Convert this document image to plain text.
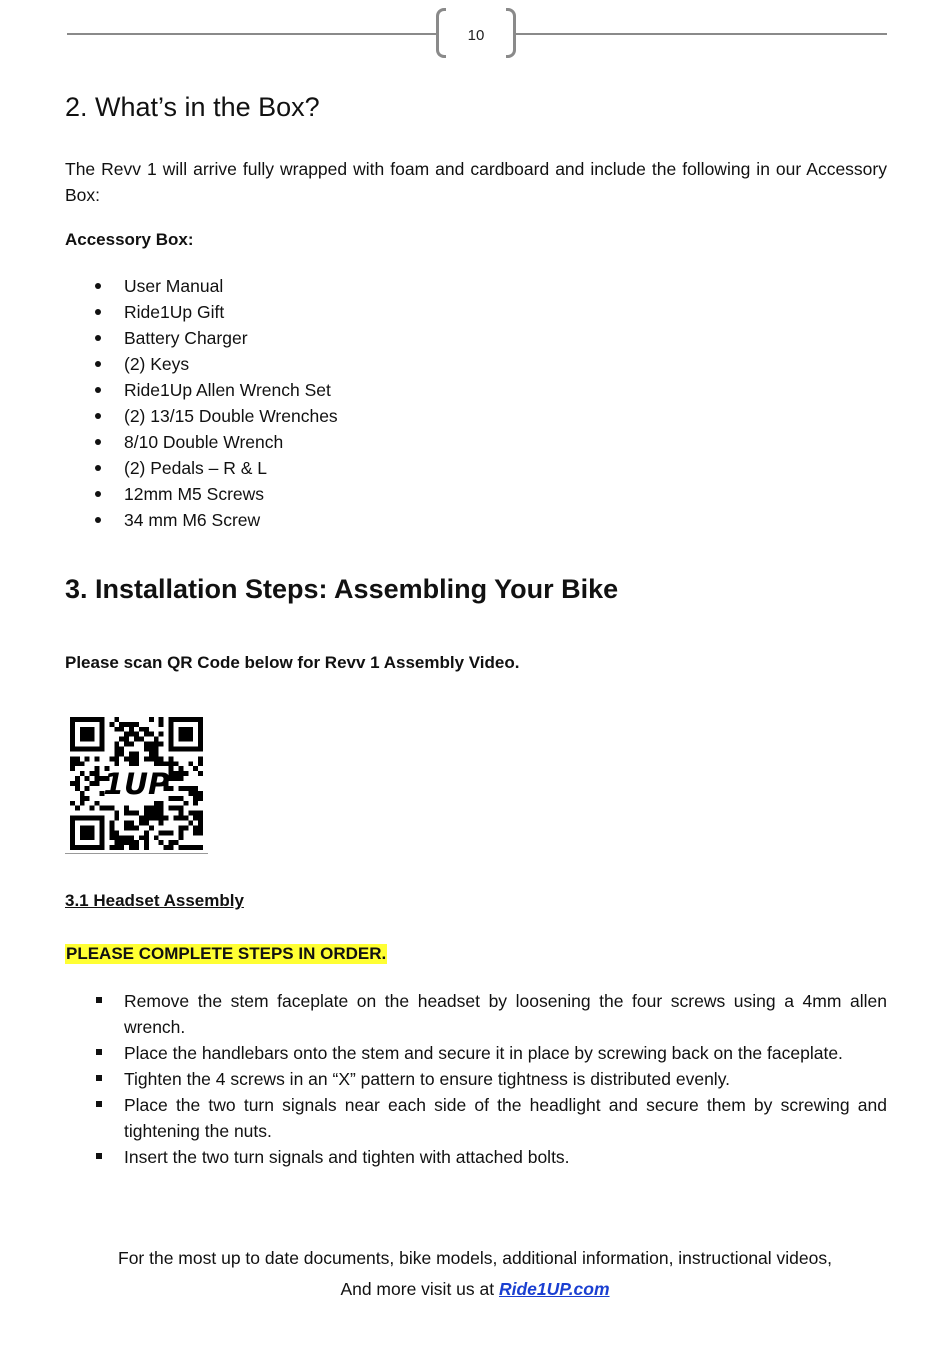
10
2. What’s in the Box?

The Revv 1 will arrive fully wrapped with foam and cardboard and include the following in our Accessory Box:

Accessory Box:

User Manual
Ride1Up Gift
Battery Charger
(2) Keys
Ride1Up Allen Wrench Set
(2) 13/15 Double Wrenches
8/10 Double Wrench
(2) Pedals – R & L
12mm M5 Screws
34 mm M6 Screw
3. Installation Steps: Assembling Your Bike

Please scan QR Code below for Revv 1 Assembly Video.

1UP

3.1 Headset Assembly

PLEASE COMPLETE STEPS IN ORDER.

Remove the stem faceplate on the headset by loosening the four screws using a 4mm allen wrench.
Place the handlebars onto the stem and secure it in place by screwing back on the faceplate.
Tighten the 4 screws in an “X” pattern to ensure tightness is distributed evenly.
Place the two turn signals near each side of the headlight and secure them by screwing and tightening the nuts.
Insert the two turn signals and tighten with attached bolts.
For the most up to date documents, bike models, additional information, instructional videos,
And more visit us at Ride1UP.com
